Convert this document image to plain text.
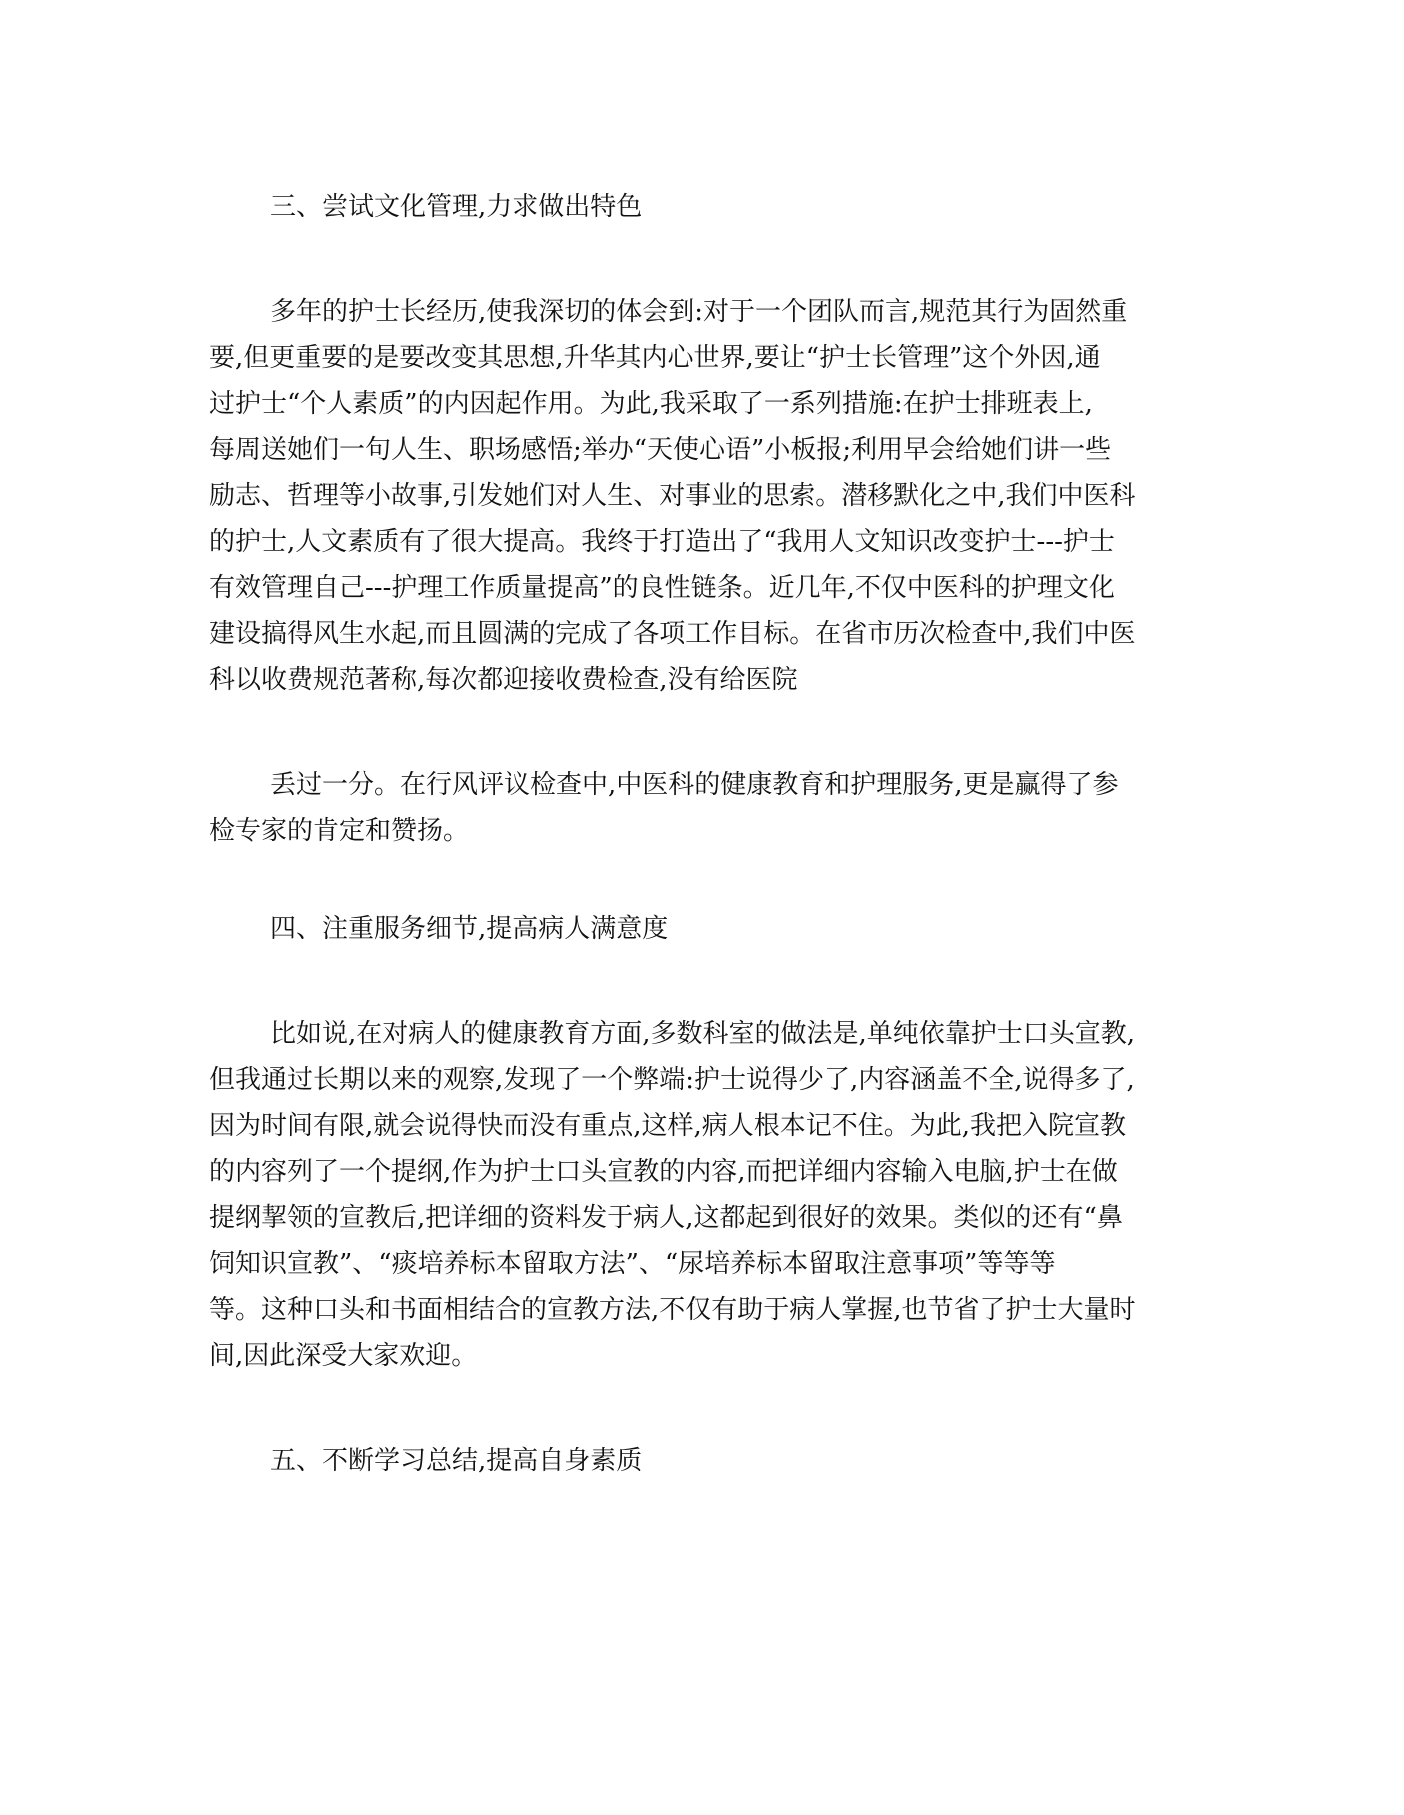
三、尝试文化管理,力求做出特色

多年的护士长经历,使我深切的体会到:对于一个团队而言,规范其行为固然重

要,但更重要的是要改变其思想,升华其内心世界,要让“护士长管理”这个外因,通

过护士“个人素质”的内因起作用。为此,我采取了一系列措施:在护士排班表上,

每周送她们一句人生、职场感悟;举办“天使心语”小板报;利用早会给她们讲一些

励志、哲理等小故事,引发她们对人生、对事业的思索。潜移默化之中,我们中医科

的护士,人文素质有了很大提高。我终于打造出了“我用人文知识改变护士---护士

有效管理自己---护理工作质量提高”的良性链条。近几年,不仅中医科的护理文化

建设搞得风生水起,而且圆满的完成了各项工作目标。在省市历次检查中,我们中医

科以收费规范著称,每次都迎接收费检查,没有给医院

丢过一分。在行风评议检查中,中医科的健康教育和护理服务,更是赢得了参

检专家的肯定和赞扬。

四、注重服务细节,提高病人满意度

比如说,在对病人的健康教育方面,多数科室的做法是,单纯依靠护士口头宣教,

但我通过长期以来的观察,发现了一个弊端:护士说得少了,内容涵盖不全,说得多了,

因为时间有限,就会说得快而没有重点,这样,病人根本记不住。为此,我把入院宣教

的内容列了一个提纲,作为护士口头宣教的内容,而把详细内容输入电脑,护士在做

提纲挈领的宣教后,把详细的资料发于病人,这都起到很好的效果。类似的还有“鼻

饲知识宣教”、“痰培养标本留取方法”、“尿培养标本留取注意事项”等等等

等。这种口头和书面相结合的宣教方法,不仅有助于病人掌握,也节省了护士大量时

间,因此深受大家欢迎。

五、不断学习总结,提高自身素质
